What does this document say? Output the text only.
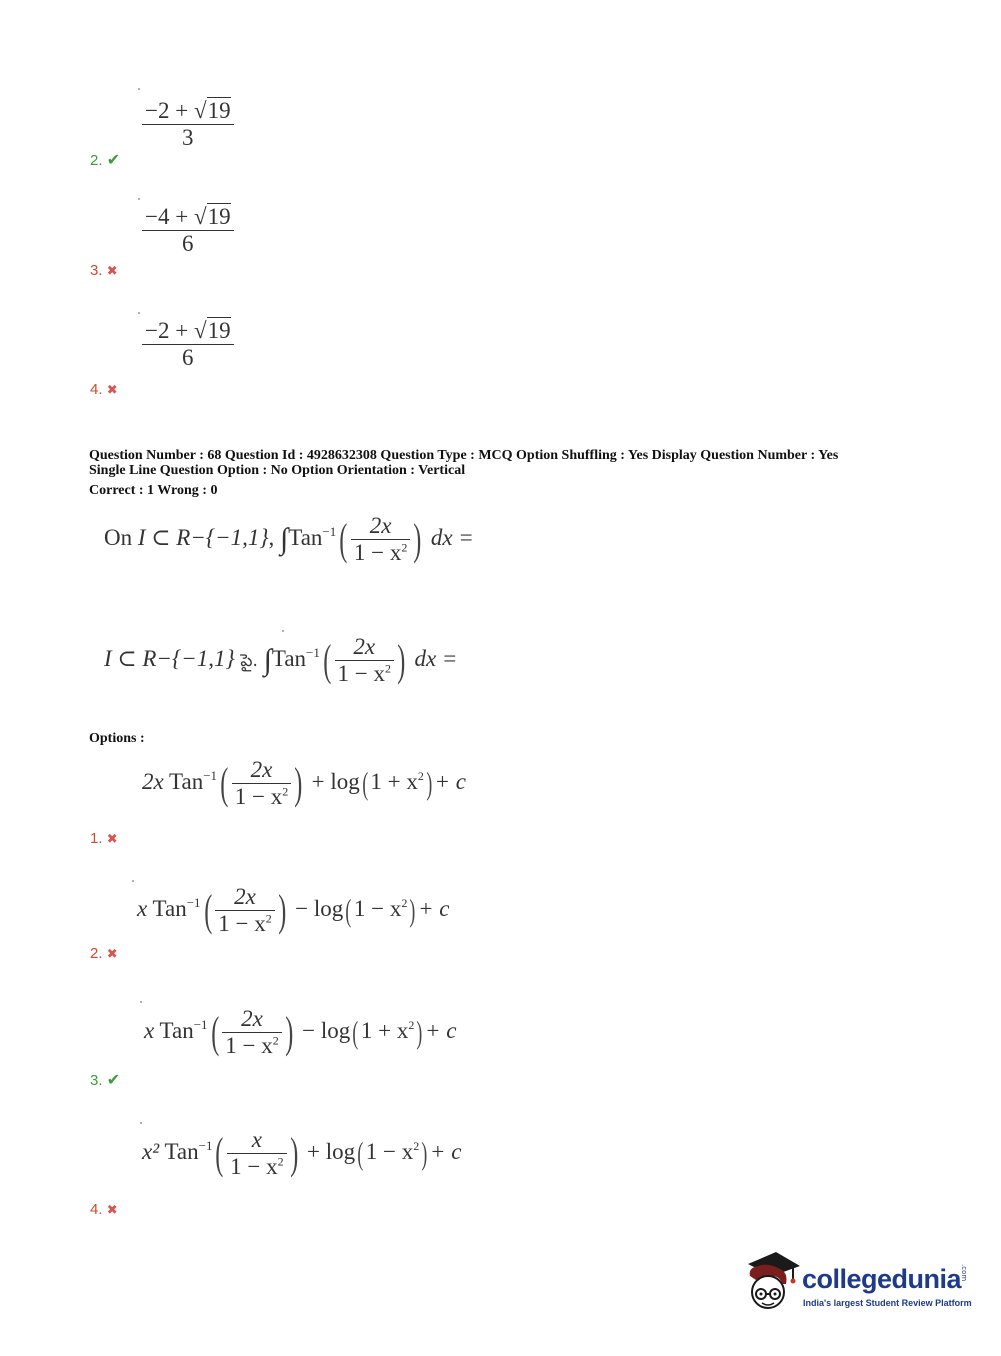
$\frac{-2 + √19}{3}$
2. ✔
$\frac{-4 + √19}{6}$
3. ✖
$\frac{-2 + √19}{6}$
4. ✖
Question Number : 68 Question Id : 4928632308 Question Type : MCQ Option Shuffling : Yes Display Question Number : Yes
Single Line Question Option : No Option Orientation : Vertical
Correct : 1 Wrong : 0
On I ⊂ R−{−1,1}, $\int Tan^{-1}( \frac{2x}{1 - x^2}$ ) dx =
I ⊂ R−{−1,1} పై. $\int Tan^{-1}( \frac{2x}{1 - x^2}$ ) dx =
Options :
2x $Tan^{-1}( \frac{2x}{1 - x^2}$ ) + log( $1 + x^2) + c$
1. ✖
x $Tan^{-1}( \frac{2x}{1 - x^2}$ ) − log( $1 - x^2) + c$
2. ✖
x $Tan^{-1}( \frac{2x}{1 - x^2}$ ) − log( $1 + x^2) + c$
3. ✔
x² $Tan^{-1}( \frac{x}{1 - x^2}$ ) + log( $1 - x^2) + c$
4. ✖
collegedunia
.com
India's largest Student Review Platform
